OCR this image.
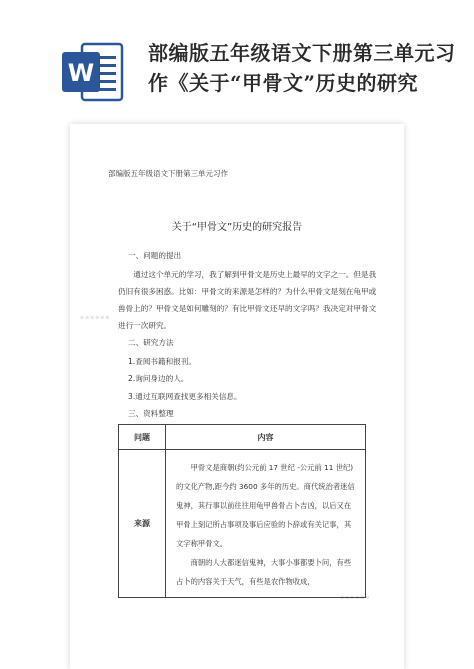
W
部编版五年级语文下册第三单元习作《关于“甲骨文”历史的研究
▪▪▪▪▪▪
▪▪▪▪▪▪
部编版五年级语文下册第三单元习作
关于“甲骨文”历史的研究报告
一、问题的提出
通过这个单元的学习，我了解到甲骨文是历史上最早的文字之一。但是我仍旧有很多困惑。比如：甲骨文的来源是怎样的？为什么甲骨文是刻在龟甲或兽骨上的？甲骨文是如何雕刻的？有比甲骨文还早的文字吗？我决定对甲骨文进行一次研究。
二、研究方法
1.查阅书籍和报刊。
2.询问身边的人。
3.通过互联网查找更多相关信息。
三、资料整理
问题	内容
来源	甲骨文是商朝(约公元前 17 世纪 -公元前 11 世纪)的文化产物,距今约 3600 多年的历史。商代统治者迷信鬼神，其行事以前往往用龟甲兽骨占卜吉凶，以后又在甲骨上刻记所占事项及事后应验的卜辞或有关记事，其文字称甲骨文。

商朝的人大都迷信鬼神，大事小事都要卜问，有些占卜的内容关于天气，有些是农作物收成，
